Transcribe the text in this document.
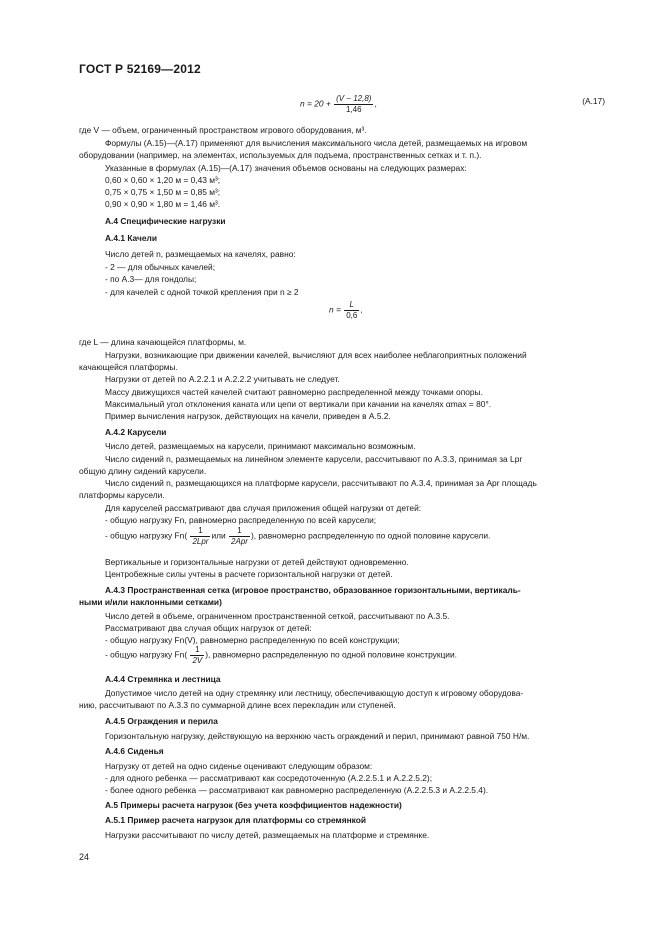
ГОСТ Р 52169—2012
$n = 20 + \frac{(V - 12,8)}{1,46}$ ,	(А.17)
где V — объем, ограниченный пространством игрового оборудования, м³.
Формулы (А.15)—(А.17) применяют для вычисления максимального числа детей, размещаемых на игровом
оборудовании (например, на элементах, используемых для подъема, пространственных сетках и т. п.).
Указанные в формулах (А.15)—(А.17) значения объемов основаны на следующих размерах:
0,60 × 0,60 × 1,20 м = 0,43 м³;
0,75 × 0,75 × 1,50 м = 0,85 м³;
0,90 × 0,90 × 1,80 м = 1,46 м³.
А.4 Специфические нагрузки
А.4.1 Качели
Число детей n, размещаемых на качелях, равно:
- 2 — для обычных качелей;
- по А.3— для гондолы;
- для качелей с одной точкой крепления при n ≥ 2
$n = \frac{L}{0,6}$ ,
где L — длина качающейся платформы, м.
Нагрузки, возникающие при движении качелей, вычисляют для всех наиболее неблагоприятных положений
качающейся платформы.
Нагрузки от детей по А.2.2.1 и А.2.2.2 учитывать не следует.
Массу движущихся частей качелей считают равномерно распределенной между точками опоры.
Максимальный угол отклонения каната или цепи от вертикали при качании на качелях αmax = 80°.
Пример вычисления нагрузок, действующих на качели, приведен в А.5.2.
А.4.2 Карусели
Число детей, размещаемых на карусели, принимают максимально возможным.
Число сидений n, размещаемых на линейном элементе карусели, рассчитывают по А.3.3, принимая за Lpr
общую длину сидений карусели.
Число сидений n, размещающихся на платформе карусели, рассчитывают по А.3.4, принимая за Apr площадь
платформы карусели.
Для каруселей рассматривают два случая приложения общей нагрузки от детей:
- общую нагрузку Fn, равномерно распределенную по всей карусели;
- общую нагрузку $Fn( \frac{1}{\text{2Lpr}}$ или $\frac{1}{\text{2Apr}}$ ), равномерно распределенную по одной половине карусели.
Вертикальные и горизонтальные нагрузки от детей действуют одновременно.
Центробежные силы учтены в расчете горизонтальной нагрузки от детей.
А.4.3 Пространственная сетка (игровое пространство, образованное горизонтальными, вертикаль-
ными и/или наклонными сетками)
Число детей в объеме, ограниченном пространственной сеткой, рассчитывают по А.3.5.
Рассматривают два случая общих нагрузок от детей:
- общую нагрузку Fn(V), равномерно распределенную по всей конструкции;
- общую нагрузку $Fn( \frac{1}{2V}$ ), равномерно распределенную по одной половине конструкции.
А.4.4 Стремянка и лестница
Допустимое число детей на одну стремянку или лестницу, обеспечивающую доступ к игровому оборудова-
нию, рассчитывают по А.3.3 по суммарной длине всех перекладин или ступеней.
А.4.5 Ограждения и перила
Горизонтальную нагрузку, действующую на верхнюю часть ограждений и перил, принимают равной 750 Н/м.
А.4.6 Сиденья
Нагрузку от детей на одно сиденье оценивают следующим образом:
- для одного ребенка — рассматривают как сосредоточенную (А.2.2.5.1 и А.2.2.5.2);
- более одного ребенка — рассматривают как равномерно распределенную (А.2.2.5.3 и А.2.2.5.4).
А.5 Примеры расчета нагрузок (без учета коэффициентов надежности)
А.5.1 Пример расчета нагрузок для платформы со стремянкой
Нагрузки рассчитывают по числу детей, размещаемых на платформе и стремянке.
24
